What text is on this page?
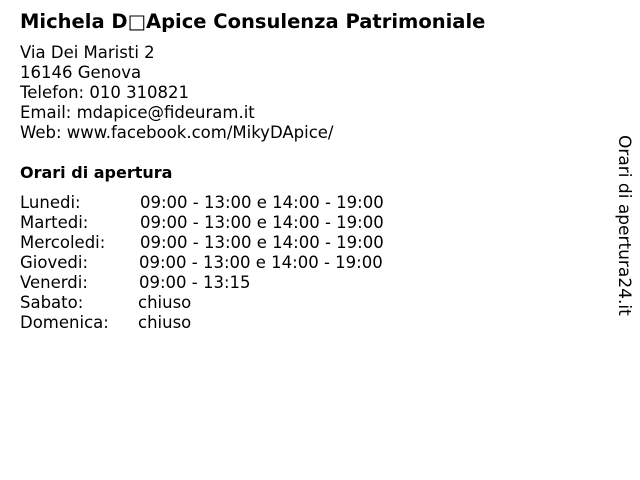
Michela D□Apice Consulenza Patrimoniale
Via Dei Maristi 2
16146 Genova
Telefon: 010 310821
Email: mdapice@fideuram.it
Web: www.facebook.com/MikyDApice/
Orari di apertura
Lunedi:	09:00 - 13:00 e 14:00 - 19:00
Martedi:	09:00 - 13:00 e 14:00 - 19:00
Mercoledi: 09:00 - 13:00 e 14:00 - 19:00
Giovedi:	09:00 - 13:00 e 14:00 - 19:00
Venerdi:	09:00 - 13:15
Sabato:	chiuso
Domenica: chiuso
Orari di apertura24.it
